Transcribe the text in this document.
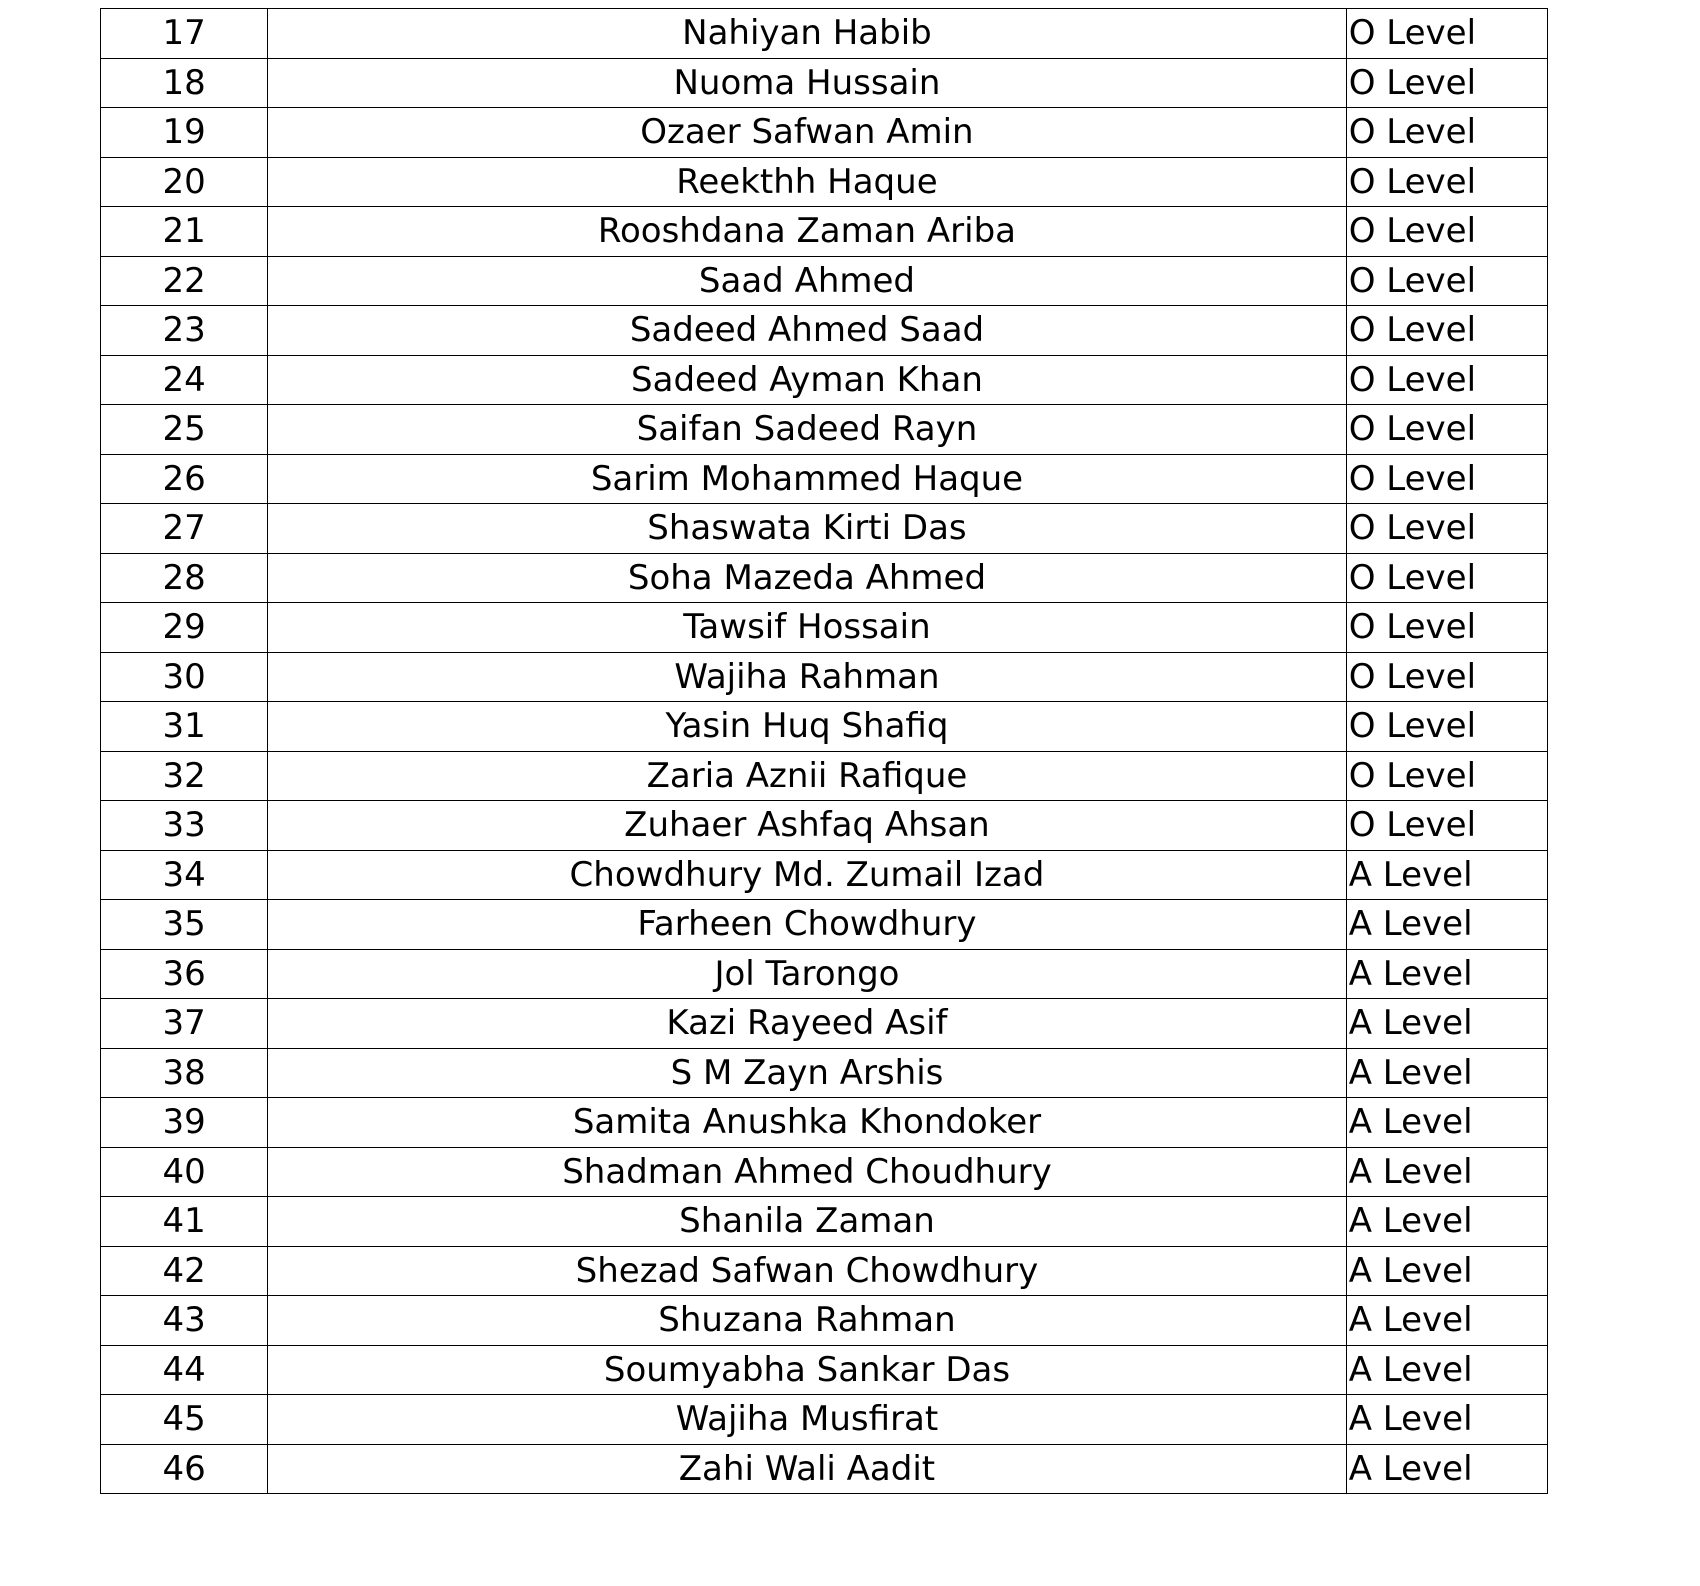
17	Nahiyan Habib	O Level
18	Nuoma Hussain	O Level
19	Ozaer Safwan Amin	O Level
20	Reekthh Haque	O Level
21	Rooshdana Zaman Ariba	O Level
22	Saad Ahmed	O Level
23	Sadeed Ahmed Saad	O Level
24	Sadeed Ayman Khan	O Level
25	Saifan Sadeed Rayn	O Level
26	Sarim Mohammed Haque	O Level
27	Shaswata Kirti Das	O Level
28	Soha Mazeda Ahmed	O Level
29	Tawsif Hossain	O Level
30	Wajiha Rahman	O Level
31	Yasin Huq Shafiq	O Level
32	Zaria Aznii Rafique	O Level
33	Zuhaer Ashfaq Ahsan	O Level
34	Chowdhury Md. Zumail Izad	A Level
35	Farheen Chowdhury	A Level
36	Jol Tarongo	A Level
37	Kazi Rayeed Asif	A Level
38	S M Zayn Arshis	A Level
39	Samita Anushka Khondoker	A Level
40	Shadman Ahmed Choudhury	A Level
41	Shanila Zaman	A Level
42	Shezad Safwan Chowdhury	A Level
43	Shuzana Rahman	A Level
44	Soumyabha Sankar Das	A Level
45	Wajiha Musfirat	A Level
46	Zahi Wali Aadit	A Level
